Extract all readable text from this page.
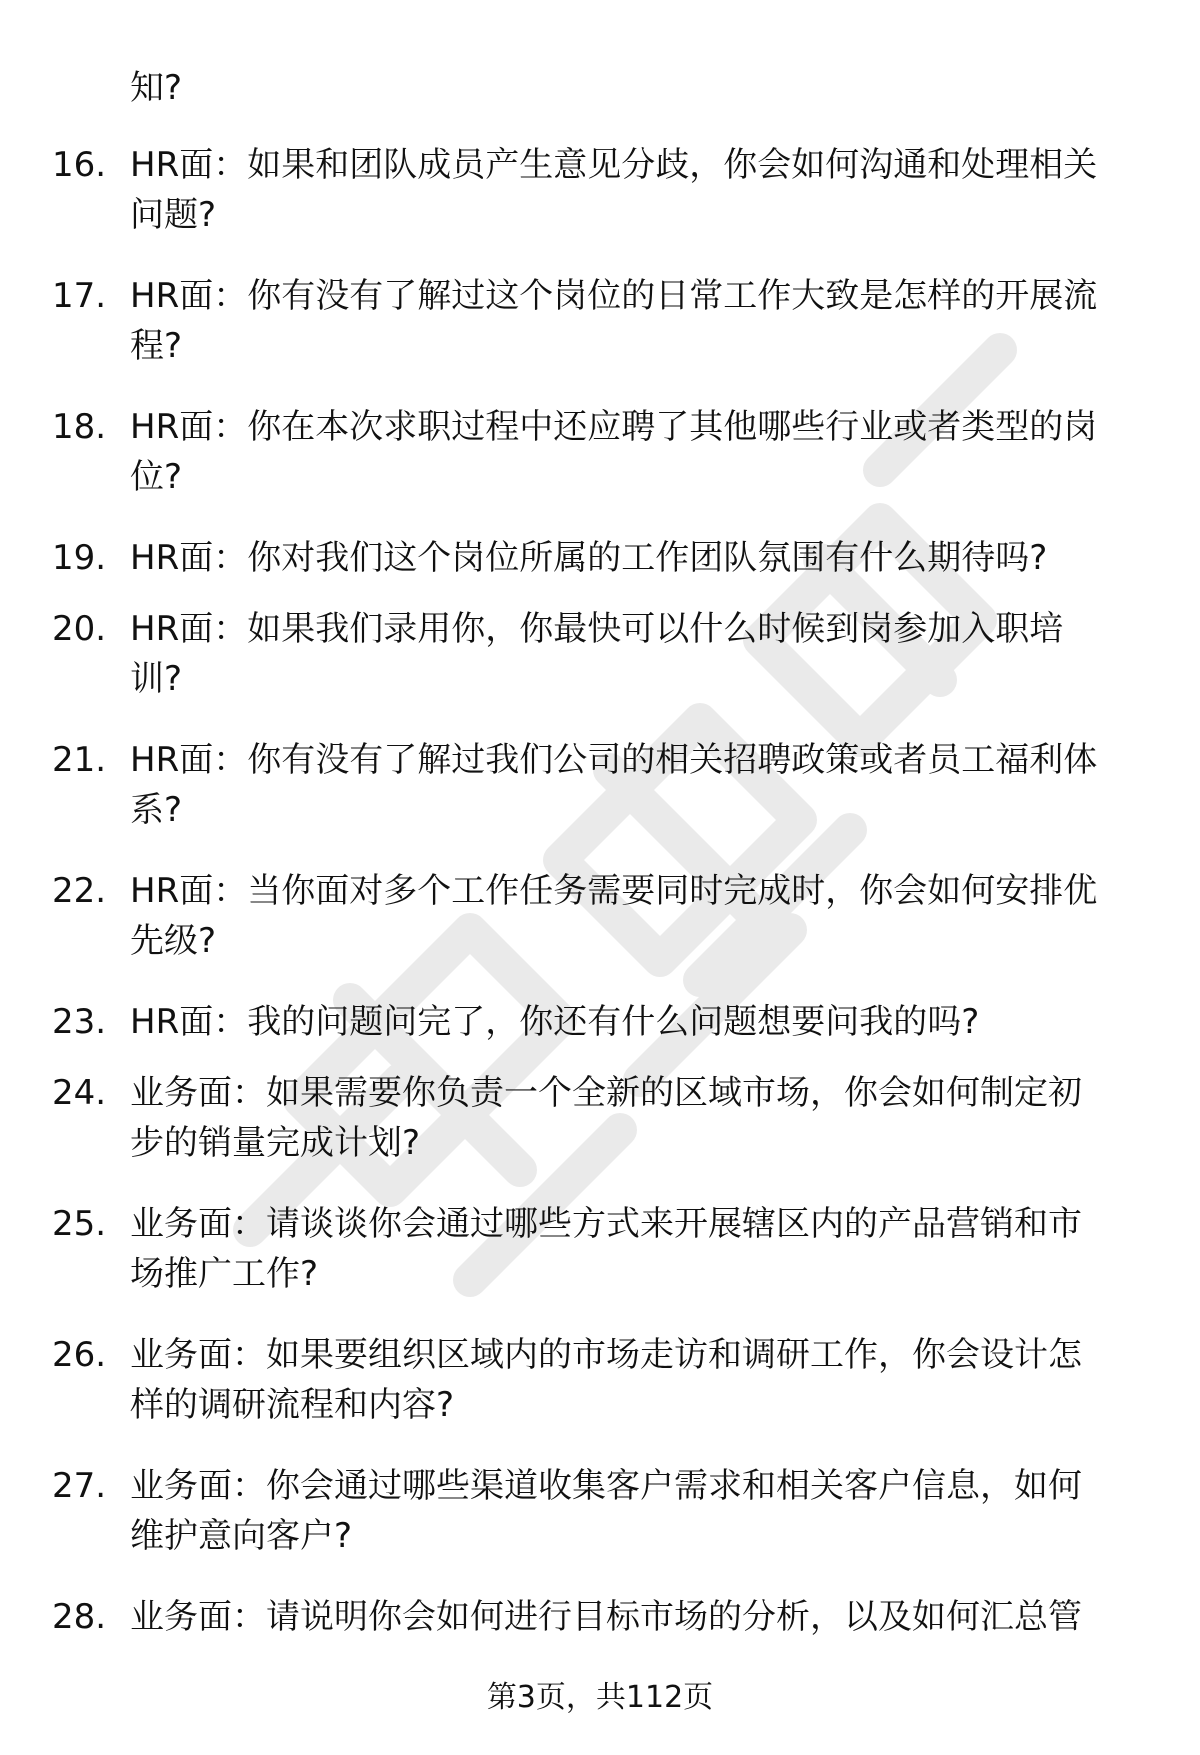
知?
16. HR面：如果和团队成员产生意见分歧，你会如何沟通和处理相关
问题?
17. HR面：你有没有了解过这个岗位的日常工作大致是怎样的开展流
程?
18. HR面：你在本次求职过程中还应聘了其他哪些行业或者类型的岗
位?
19. HR面：你对我们这个岗位所属的工作团队氛围有什么期待吗?
20. HR面：如果我们录用你，你最快可以什么时候到岗参加入职培
训?
21. HR面：你有没有了解过我们公司的相关招聘政策或者员工福利体
系?
22. HR面：当你面对多个工作任务需要同时完成时，你会如何安排优
先级?
23. HR面：我的问题问完了，你还有什么问题想要问我的吗?
24. 业务面：如果需要你负责一个全新的区域市场，你会如何制定初
步的销量完成计划?
25. 业务面：请谈谈你会通过哪些方式来开展辖区内的产品营销和市
场推广工作?
26. 业务面：如果要组织区域内的市场走访和调研工作，你会设计怎
样的调研流程和内容?
27. 业务面：你会通过哪些渠道收集客户需求和相关客户信息，如何
维护意向客户?
28. 业务面：请说明你会如何进行目标市场的分析，以及如何汇总管
第3页，共112页
